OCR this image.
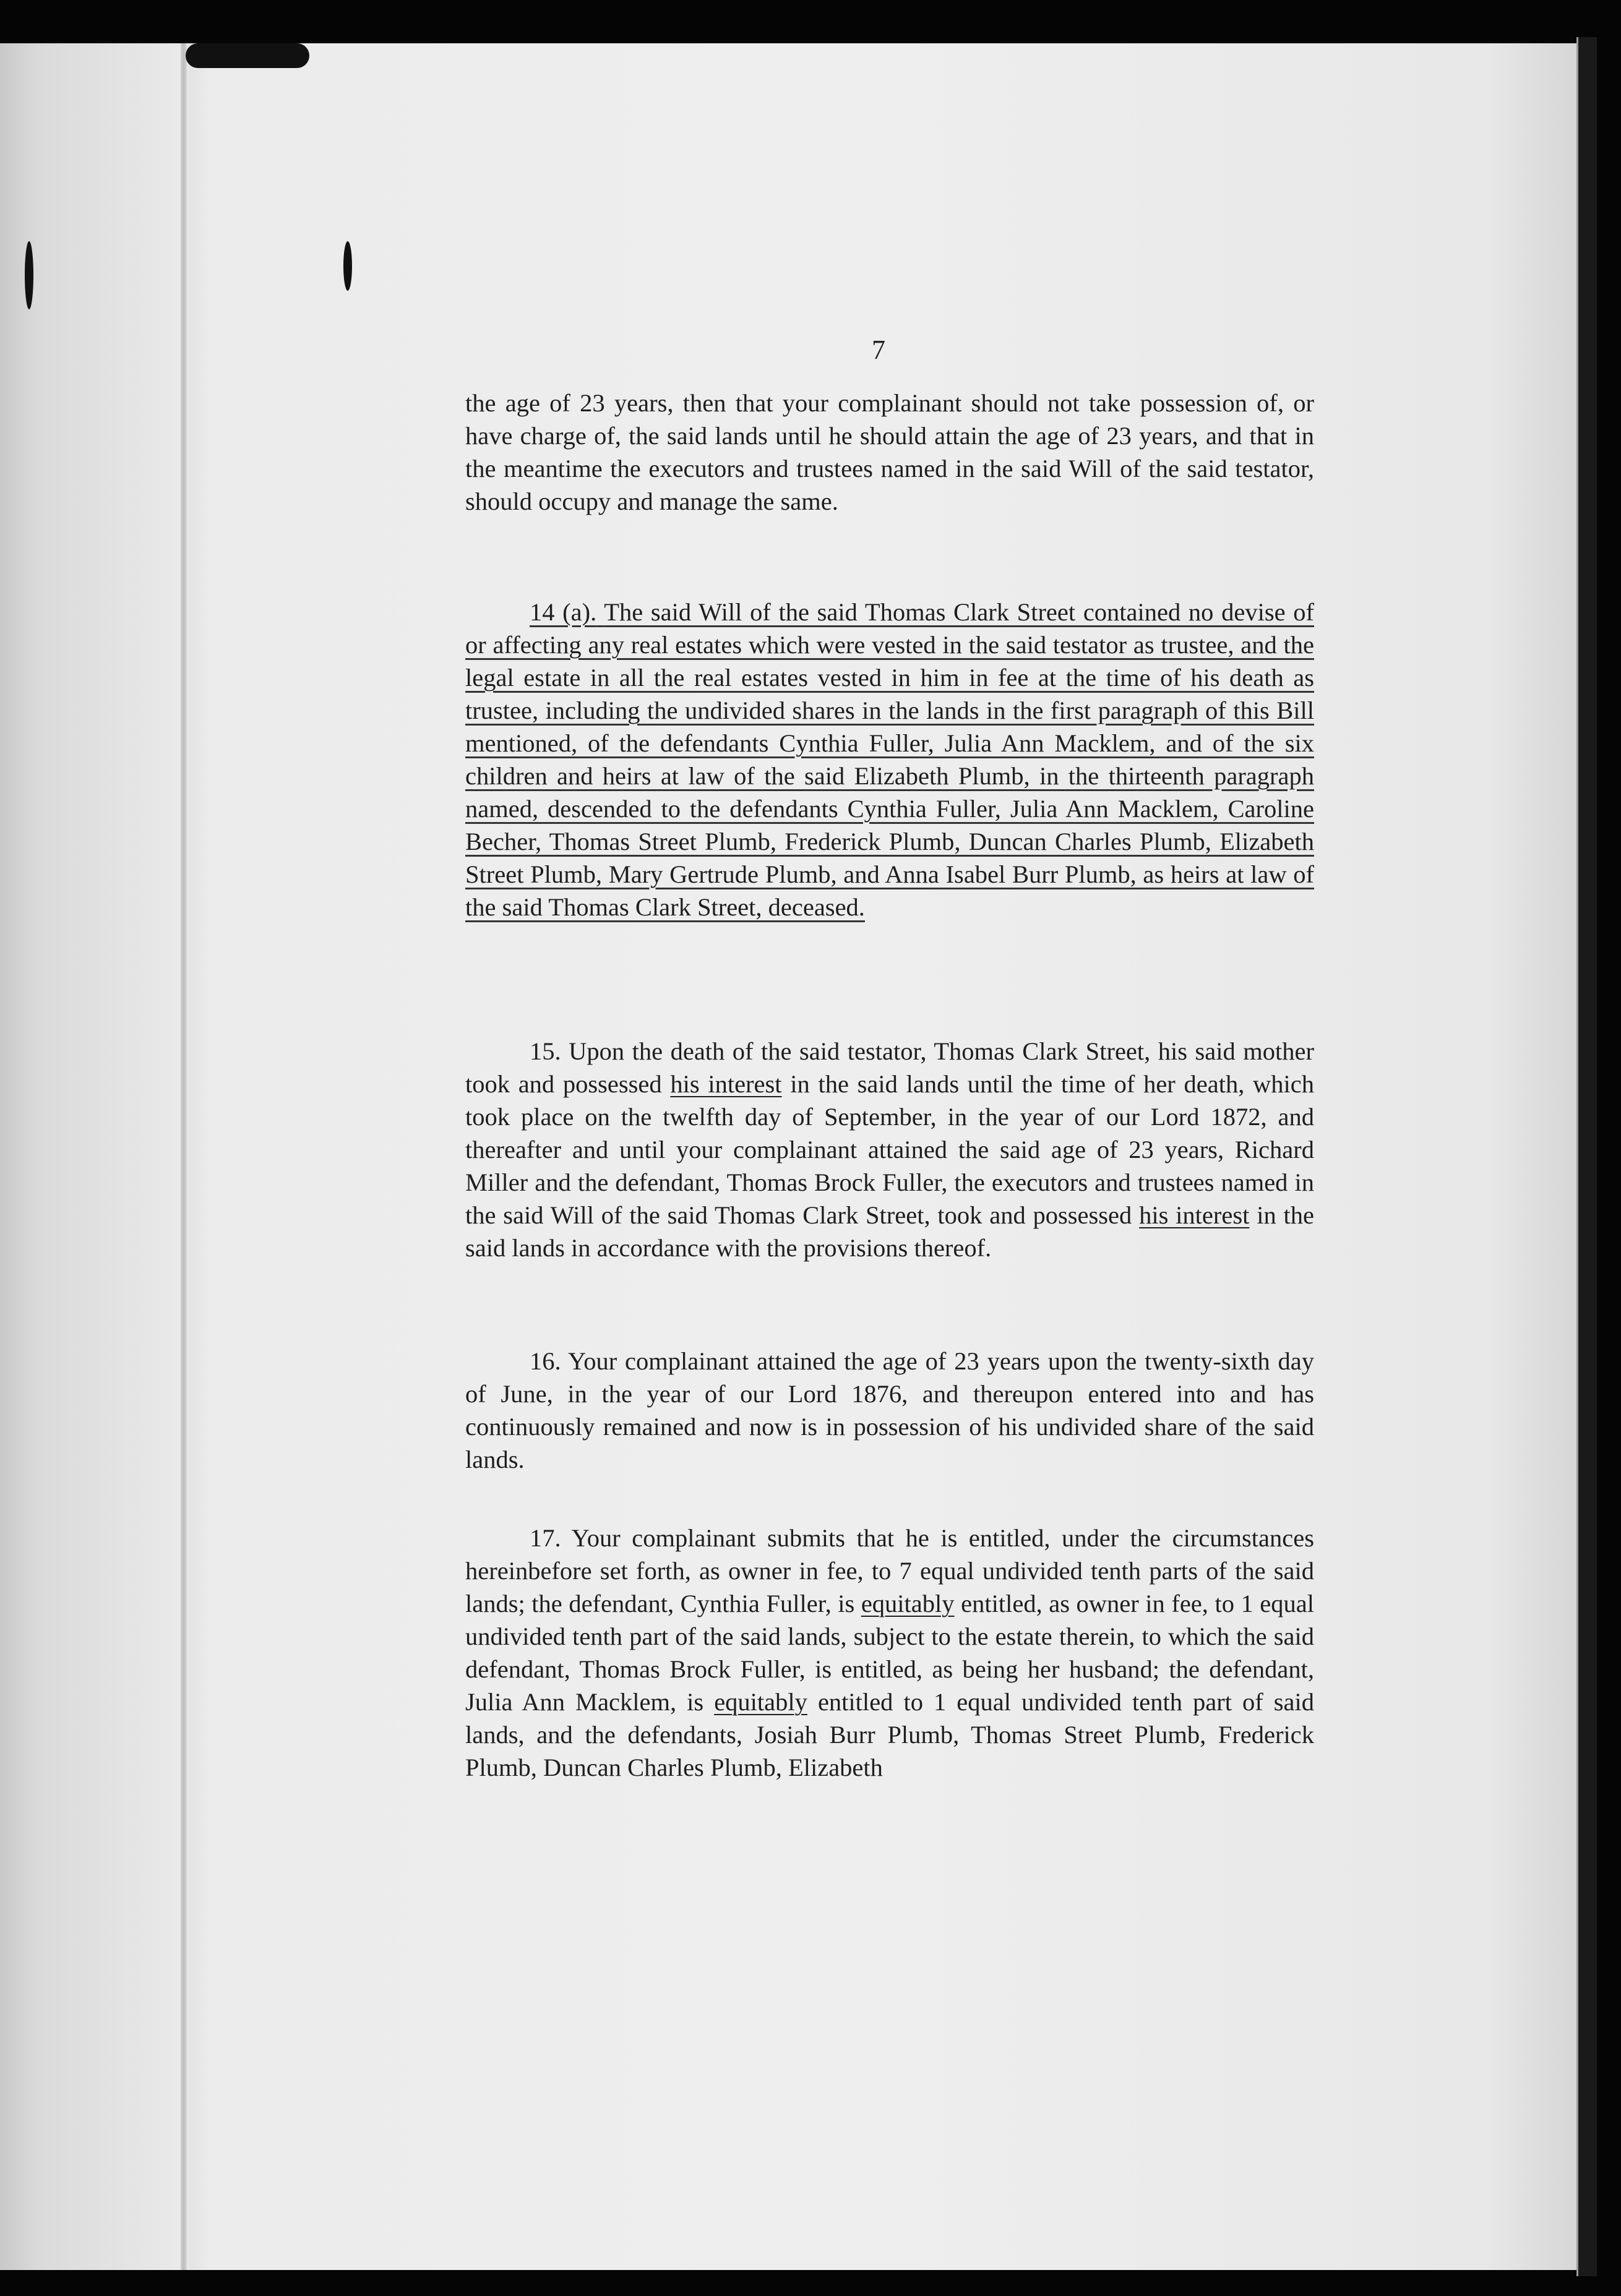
7

the age of 23 years, then that your complainant should not take possession of, or have charge of, the said lands until he should attain the age of 23 years, and that in the meantime the executors and trustees named in the said Will of the said testator, should occupy and manage the same.

14 (a). The said Will of the said Thomas Clark Street contained no devise of or affecting any real estates which were vested in the said testator as trustee, and the legal estate in all the real estates vested in him in fee at the time of his death as trustee, including the undivided shares in the lands in the first paragraph of this Bill mentioned, of the defendants Cynthia Fuller, Julia Ann Macklem, and of the six children and heirs at law of the said Elizabeth Plumb, in the thirteenth paragraph named, descended to the defendants Cynthia Fuller, Julia Ann Macklem, Caroline Becher, Thomas Street Plumb, Frederick Plumb, Duncan Charles Plumb, Elizabeth Street Plumb, Mary Gertrude Plumb, and Anna Isabel Burr Plumb, as heirs at law of the said Thomas Clark Street, deceased.

15. Upon the death of the said testator, Thomas Clark Street, his said mother took and possessed his interest in the said lands until the time of her death, which took place on the twelfth day of September, in the year of our Lord 1872, and thereafter and until your complainant attained the said age of 23 years, Richard Miller and the defendant, Thomas Brock Fuller, the executors and trustees named in the said Will of the said Thomas Clark Street, took and possessed his interest in the said lands in accordance with the provisions thereof.

16. Your complainant attained the age of 23 years upon the twenty-sixth day of June, in the year of our Lord 1876, and thereupon entered into and has continuously remained and now is in possession of his undivided share of the said lands.

17. Your complainant submits that he is entitled, under the circumstances hereinbefore set forth, as owner in fee, to 7 equal undivided tenth parts of the said lands; the defendant, Cynthia Fuller, is equitably entitled, as owner in fee, to 1 equal undivided tenth part of the said lands, subject to the estate therein, to which the said defendant, Thomas Brock Fuller, is entitled, as being her husband; the defendant, Julia Ann Macklem, is equitably entitled to 1 equal undivided tenth part of said lands, and the defendants, Josiah Burr Plumb, Thomas Street Plumb, Frederick Plumb, Duncan Charles Plumb, Elizabeth
